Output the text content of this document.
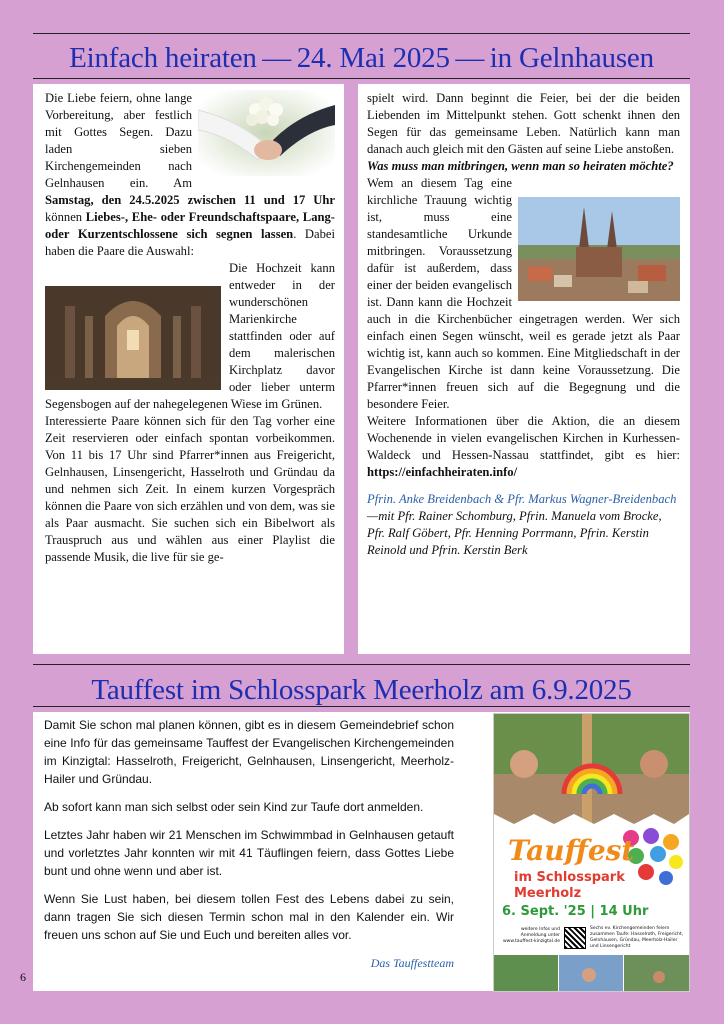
Einfach heiraten — 24. Mai 2025 — in Gelnhausen

Die Liebe feiern, ohne lange Vorbereitung, aber festlich mit Gottes Segen. Dazu laden sieben Kirchengemeinden nach Gelnhausen ein. Am Samstag, den 24.5.2025 zwischen 11 und 17 Uhr können Liebes-, Ehe- oder Freundschaftspaare, Lang- oder Kurzentschlossene sich segnen lassen. Dabei haben die Paare die Auswahl:

Die Hochzeit kann entweder in der wunderschönen Marienkirche stattfinden oder auf dem malerischen Kirchplatz davor oder lieber unterm Segensbogen auf der nahegelegenen Wiese im Grünen.

Interessierte Paare können sich für den Tag vorher eine Zeit reservieren oder einfach spontan vorbeikommen. Von 11 bis 17 Uhr sind Pfarrer*innen aus Freigericht, Gelnhausen, Linsengericht, Hasselroth und Gründau da und nehmen sich Zeit. In einem kurzen Vorgespräch können die Paare von sich erzählen und von dem, was sie als Paar ausmacht. Sie suchen sich ein Bibelwort als Trauspruch aus und wählen aus einer Playlist die passende Musik, die live für sie ge-

spielt wird. Dann beginnt die Feier, bei der die beiden Liebenden im Mittelpunkt stehen. Gott schenkt ihnen den Segen für das gemeinsame Leben. Natürlich kann man danach auch gleich mit den Gästen auf seine Liebe anstoßen.

Was muss man mitbringen, wenn man so heiraten möchte?

Wem an diesem Tag eine kirchliche Trauung wichtig ist, muss eine standesamtliche Urkunde mitbringen. Voraussetzung dafür ist außerdem, dass einer der beiden evangelisch ist. Dann kann die Hochzeit auch in die Kirchenbücher eingetragen werden. Wer sich einfach einen Segen wünscht, weil es gerade jetzt als Paar wichtig ist, kann auch so kommen. Eine Mitgliedschaft in der Evangelischen Kirche ist dann keine Voraussetzung. Die Pfarrer*innen freuen sich auf die Begegnung und die besondere Feier.

Weitere Informationen über die Aktion, die an diesem Wochenende in vielen evangelischen Kirchen in Kurhessen-Waldeck und Hessen-Nassau stattfindet, gibt es hier: https://einfachheiraten.info/

Pfrin. Anke Breidenbach & Pfr. Markus Wagner-Breidenbach—mit Pfr. Rainer Schomburg, Pfrin. Manuela vom Brocke, Pfr. Ralf Göbert, Pfr. Henning Porrmann, Pfrin. Kerstin Reinold und Pfrin. Kerstin Berk

Tauffest im Schlosspark Meerholz am 6.9.2025

Damit Sie schon mal planen können, gibt es in diesem Gemeindebrief schon eine Info für das gemeinsame Tauffest der Evangelischen Kirchengemeinden im Kinzigtal: Hasselroth, Freigericht, Gelnhausen, Linsengericht, Meerholz-Hailer und Gründau.

Ab sofort kann man sich selbst oder sein Kind zur Taufe dort anmelden.

Letztes Jahr haben wir 21 Menschen im Schwimmbad in Gelnhausen getauft und vorletztes Jahr konnten wir mit 41 Täuflingen feiern, dass Gottes Liebe bunt und ohne wenn und aber ist.

Wenn Sie Lust haben, bei diesem tollen Fest des Lebens dabei zu sein, dann tragen Sie sich diesen Termin schon mal in den Kalender ein. Wir freuen uns schon auf Sie und Euch und bereiten alles vor.

Das Tauffestteam

Tauffest
im Schlosspark
Meerholz
6. Sept. '25 | 14 Uhr
weitere Infos und Anmeldung unter www.tauffest-kinzigtal.de
Sechs ev. Kirchengemeinden feiern zusammen Taufe: Hasselroth, Freigericht, Gelnhausen, Gründau, Meerholz-Hailer und Linsengericht
6
